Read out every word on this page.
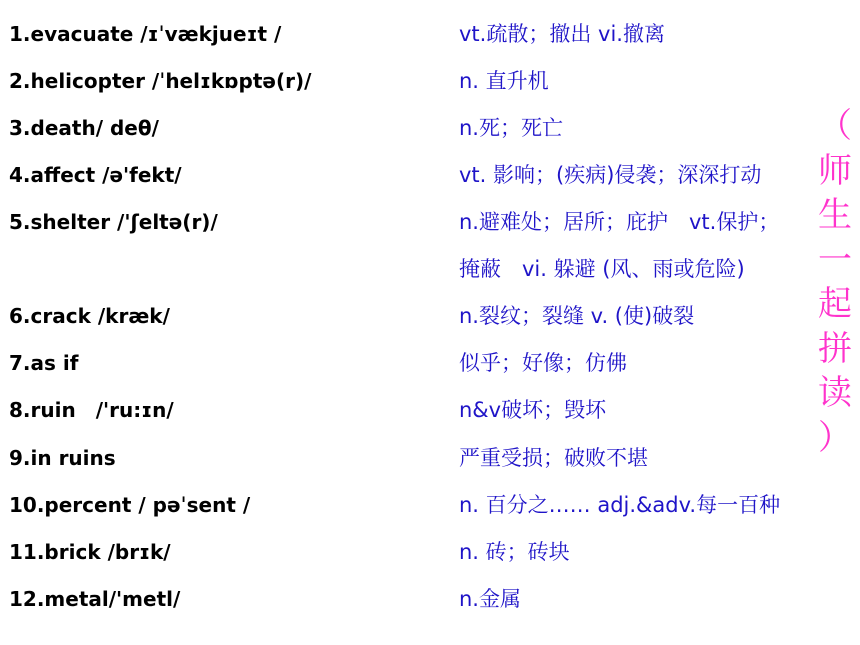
1.evacuate /ɪˈvækjueɪt /	vt.疏散；撤出 vi.撤离
2.helicopter /ˈhelɪkɒptə(r)/	n. 直升机
3.death/ deθ/	n.死；死亡
4.affect /ə'fekt/	vt. 影响；(疾病)侵袭；深深打动
5.shelter /'ʃeltə(r)/	n.避难处；居所；庇护　vt.保护；
掩蔽　vi. 躲避 (风、雨或危险)
6.crack /kræk/	n.裂纹；裂缝 v. (使)破裂
7.as if	似乎；好像；仿佛
8.ruin　/'ru:ɪn/	n&v破坏；毁坏
9.in ruins	严重受损；破败不堪
10.percent / pəˈsent /	n. 百分之…… adj.&adv.每一百种
11.brick /brɪk/	n. 砖；砖块
12.metal/'metl/	n.金属
（
师
生
一
起
拼
读
）
